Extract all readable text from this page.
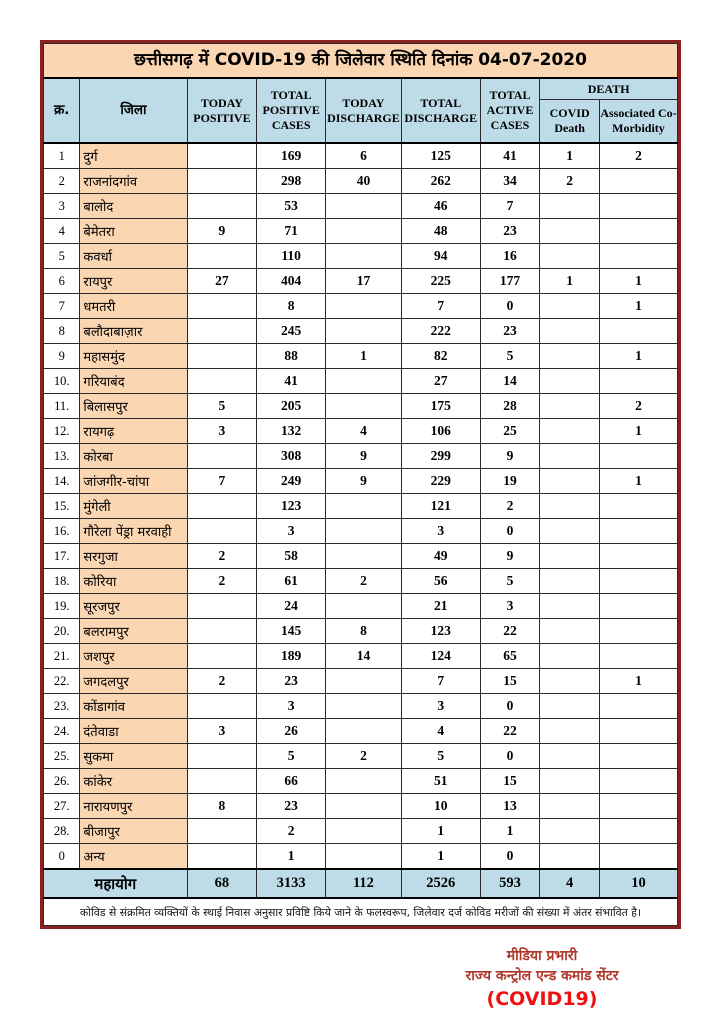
छत्तीसगढ़ में COVID-19 की जिलेवार स्थिति दिनांक 04-07-2020								
क्र.	जिला	TODAY POSITIVE	TOTAL POSITIVE CASES	TODAY DISCHARGE	TOTAL DISCHARGE	TOTAL ACTIVE CASES	DEATH	
							COVID Death	Associated Co-Morbidity
1	दुर्ग		169	6	125	41	1	2
2	राजनांदगांव		298	40	262	34	2	
3	बालोद		53		46	7		
4	बेमेतरा	9	71		48	23		
5	कवर्धा		110		94	16		
6	रायपुर	27	404	17	225	177	1	1
7	धमतरी		8		7	0		1
8	बलौदाबाज़ार		245		222	23		
9	महासमुंद		88	1	82	5		1
10.	गरियाबंद		41		27	14		
11.	बिलासपुर	5	205		175	28		2
12.	रायगढ़	3	132	4	106	25		1
13.	कोरबा		308	9	299	9		
14.	जांजगीर-चांपा	7	249	9	229	19		1
15.	मुंगेली		123		121	2		
16.	गौरेला पेंड्रा मरवाही		3		3	0		
17.	सरगुजा	2	58		49	9		
18.	कोरिया	2	61	2	56	5		
19.	सूरजपुर		24		21	3		
20.	बलरामपुर		145	8	123	22		
21.	जशपुर		189	14	124	65		
22.	जगदलपुर	2	23		7	15		1
23.	कोंडागांव		3		3	0		
24.	दंतेवाडा	3	26		4	22		
25.	सुकमा		5	2	5	0		
26.	कांकेर		66		51	15		
27.	नारायणपुर	8	23		10	13		
28.	बीजापुर		2		1	1		
0	अन्य		1		1	0		
महायोग		68	3133	112	2526	593	4	10
कोविड से संक्रमित व्यक्तियों के स्थाई निवास अनुसार प्रविष्टि किये जाने के फलस्वरूप, जिलेवार दर्ज कोविड मरीजों की संख्या में अंतर संभावित है।								
मीडिया प्रभारी
राज्य कन्ट्रोल एन्ड कमांड सेंटर
(COVID19)
